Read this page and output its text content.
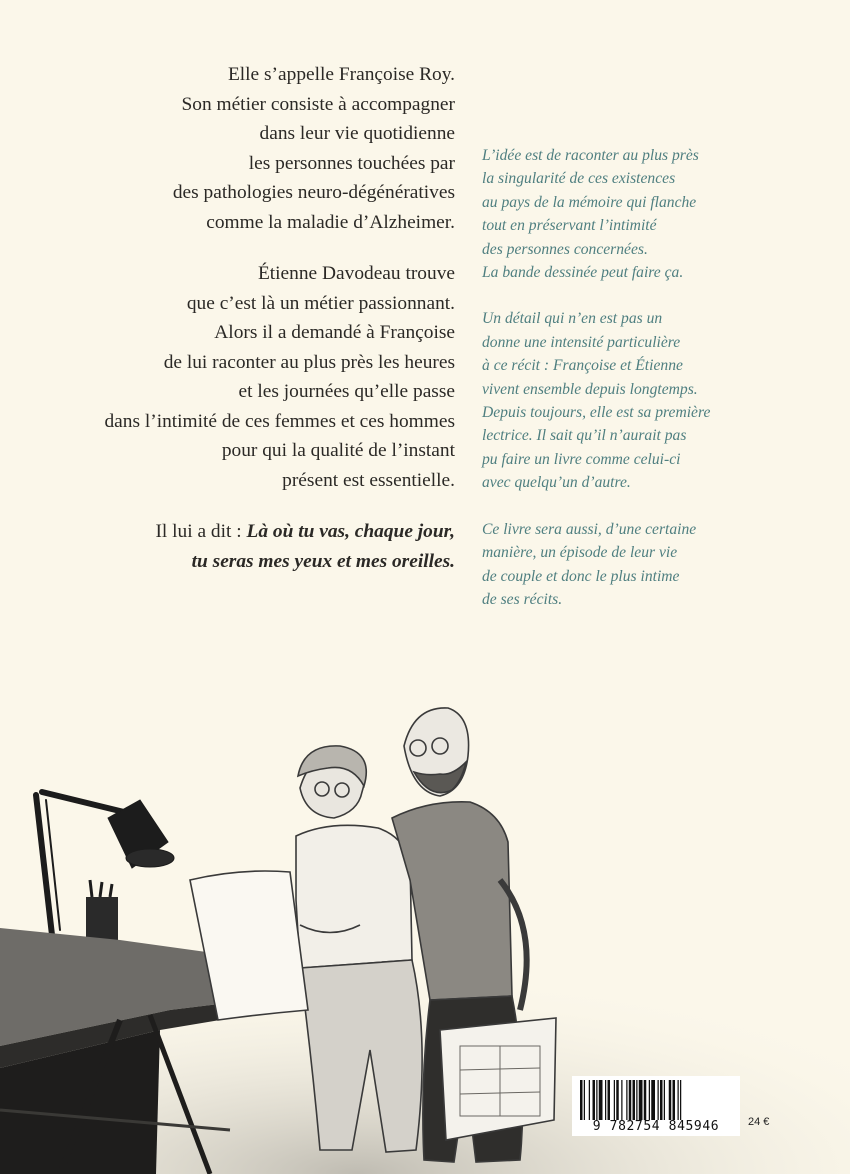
Elle s’appelle Françoise Roy.
Son métier consiste à accompagner
dans leur vie quotidienne
les personnes touchées par
des pathologies neuro-dégénératives
comme la maladie d’Alzheimer.

Étienne Davodeau trouve
que c’est là un métier passionnant.
Alors il a demandé à Françoise
de lui raconter au plus près les heures
et les journées qu’elle passe
dans l’intimité de ces femmes et ces hommes
pour qui la qualité de l’instant
présent est essentielle.

Il lui a dit : Là où tu vas, chaque jour,
tu seras mes yeux et mes oreilles.

L’idée est de raconter au plus près
la singularité de ces existences
au pays de la mémoire qui flanche
tout en préservant l’intimité
des personnes concernées.
La bande dessinée peut faire ça.

Un détail qui n’en est pas un
donne une intensité particulière
à ce récit : Françoise et Étienne
vivent ensemble depuis longtemps.
Depuis toujours, elle est sa première
lectrice. Il sait qu’il n’aurait pas
pu faire un livre comme celui-ci
avec quelqu’un d’autre.

Ce livre sera aussi, d’une certaine
manière, un épisode de leur vie
de couple et donc le plus intime
de ses récits.

9 782754 845946	24 €
